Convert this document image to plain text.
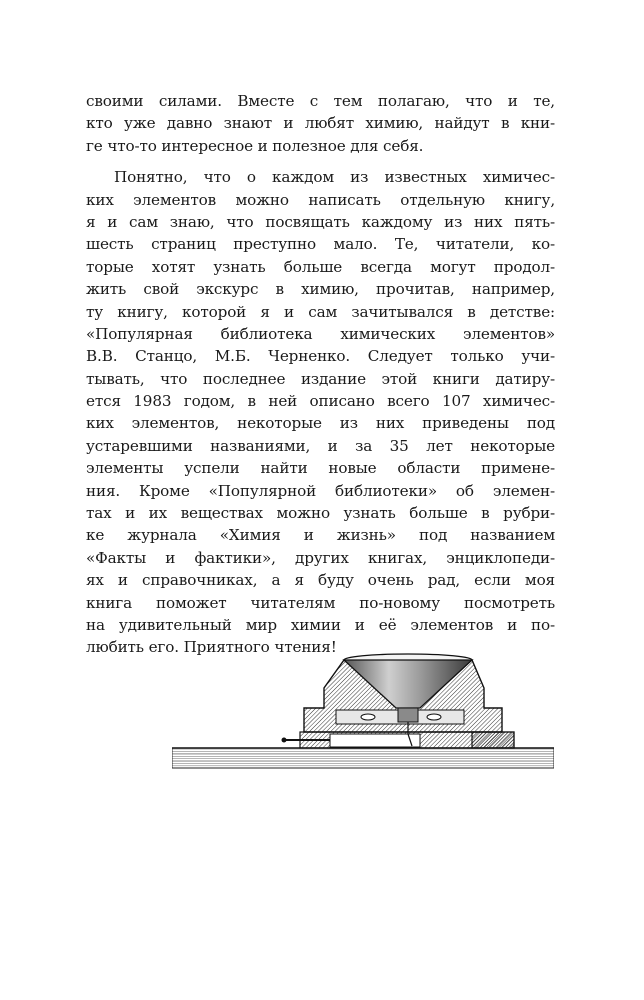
своими силами. Вместе с тем полагаю, что и те,
кто уже давно знают и любят химию, найдут в кни-
ге что-то интересное и полезное для себя.
Понятно, что о каждом из известных химичес-
ких элементов можно написать отдельную книгу,
я и сам знаю, что посвящать каждому из них пять-
шесть страниц преступно мало. Те, читатели, ко-
торые хотят узнать больше всегда могут продол-
жить свой экскурс в химию, прочитав, например,
ту книгу, которой я и сам зачитывался в детстве:
«Популярная библиотека химических элементов»
В.В. Станцо, М.Б. Черненко. Следует только учи-
тывать, что последнее издание этой книги датиру-
ется 1983 годом, в ней описано всего 107 химичес-
ких элементов, некоторые из них приведены под
устаревшими названиями, и за 35 лет некоторые
элементы успели найти новые области примене-
ния. Кроме «Популярной библиотеки» об элемен-
тах и их веществах можно узнать больше в рубри-
ке журнала «Химия и жизнь» под названием
«Факты и фактики», других книгах, энциклопеди-
ях и справочниках, а я буду очень рад, если моя
книга поможет читателям по-новому посмотреть
на удивительный мир химии и её элементов и по-
любить его. Приятного чтения!
